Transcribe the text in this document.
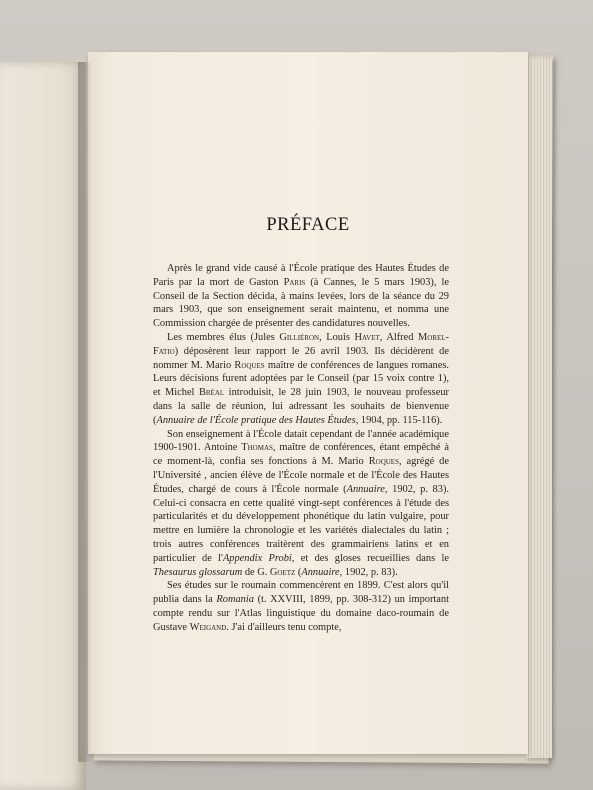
PRÉFACE

Après le grand vide causé à l'École pratique des Hautes Études de Paris par la mort de Gaston Paris (à Cannes, le 5 mars 1903), le Conseil de la Section décida, à mains levées, lors de la séance du 29 mars 1903, que son enseignement serait maintenu, et nomma une Commission chargée de présenter des candidatures nouvelles.

Les membres élus (Jules Gilliéron, Louis Havet, Alfred Morel-Fatio) déposèrent leur rapport le 26 avril 1903. Ils décidèrent de nommer M. Mario Roques maître de conférences de langues romanes. Leurs décisions furent adoptées par le Conseil (par 15 voix contre 1), et Michel Bréal introduisit, le 28 juin 1903, le nouveau professeur dans la salle de réunion, lui adressant les souhaits de bienvenue (Annuaire de l'École pratique des Hautes Études, 1904, pp. 115-116).

Son enseignement à l'École datait cependant de l'année académique 1900-1901. Antoine Thomas, maître de conférences, étant empêché à ce moment-là, confia ses fonctions à M. Mario Roques, agrégé de l'Université , ancien élève de l'École normale et de l'École des Hautes Études, chargé de cours à l'École normale (Annuaire, 1902, p. 83). Celui-ci consacra en cette qualité vingt-sept conférences à l'étude des particularités et du développement phonétique du latin vulgaire, pour mettre en lumière la chronologie et les variétés dialectales du latin ; trois autres conférences traitèrent des grammairiens latins et en particulier de l'Appendix Probi, et des gloses recueillies dans le Thesaurus glossarum de G. Goetz (Annuaire, 1902, p. 83).

Ses études sur le roumain commencèrent en 1899. C'est alors qu'il publia dans la Romania (t. XXVIII, 1899, pp. 308-312) un important compte rendu sur l'Atlas linguistique du domaine daco-roumain de Gustave Weigand. J'ai d'ailleurs tenu compte,
